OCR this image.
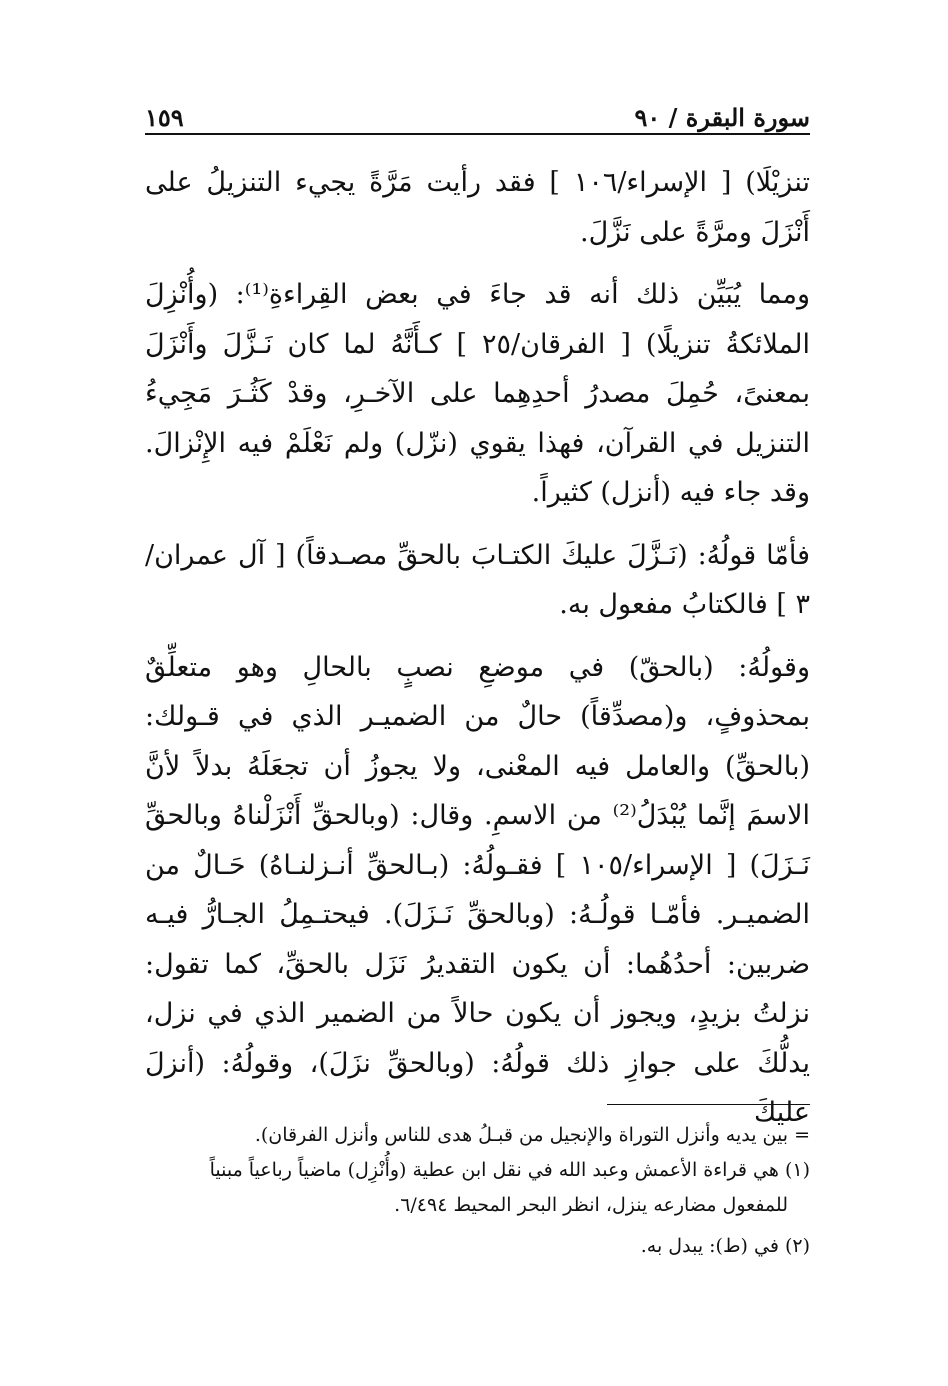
سورة البقرة / ٩٠
١٥٩

تنزيْلَا) [ الإسراء/١٠٦ ] فقد رأيت مَرَّةً يجيء التنزيلُ على أَنْزَلَ ومرَّةً على نَزَّلَ.

ومما يُبَيِّن ذلك أنه قد جاءَ في بعض القِراءةِ⁽¹⁾: (وأُنْزِلَ الملائكةُ تنزيلًا) [ الفرقان/٢٥ ] كـأَنَّهُ لما كان نَـزَّلَ وأَنْزَلَ بمعنىً، حُمِلَ مصدرُ أحدِهِما على الآخـرِ، وقدْ كَثُـرَ مَجِيءُ التنزيل في القرآن، فهذا يقوي (نزّل) ولم نَعْلَمْ فيه الإِنْزالَ. وقد جاء فيه (أنزل) كثيراً.

فأمّا قولُهُ: (نَـزَّلَ عليكَ الكتـابَ بالحقِّ مصـدقاً) [ آل عمران/٣ ] فالكتابُ مفعول به.

وقولُهُ: (بالحقّ) في موضعِ نصبٍ بالحالِ وهو متعلِّقٌ بمحذوفٍ، و(مصدِّقاً) حالٌ من الضميـر الذي في قـولك: (بالحقِّ) والعامل فيه المعْنى، ولا يجوزُ أن تجعَلَهُ بدلاً لأنَّ الاسمَ إنَّما يُبْدَلُ⁽²⁾ من الاسمِ. وقال: (وبالحقِّ أَنْزَلْناهُ وبالحقِّ نَـزَلَ) [ الإسراء/١٠٥ ] فقـولُهُ: (بـالحقِّ أنـزلنـاهُ) حَـالٌ من الضميـر. فأمّـا قولُـهُ: (وبالحقِّ نَـزَلَ). فيحتـمِلُ الجـارُّ فيـه ضربين: أحدُهُما: أن يكون التقديرُ نَزَل بالحقِّ، كما تقول: نزلتُ بزيدٍ، ويجوز أن يكون حالاً من الضمير الذي في نزل، يدلُّكَ على جوازِ ذلك قولُهُ: (وبالحقِّ نزَلَ)، وقولُهُ: (أنزلَ عليكَ

= بين يديه وأنزل التوراة والإنجيل من قبـلُ هدى للناس وأنزل الفرقان).

(١) هي قراءة الأعمش وعبد الله في نقل ابن عطية (وأُنْزِل) ماضياً رباعياً مبنياً

للمفعول مضارعه ينزل، انظر البحر المحيط ٦/٤٩٤.

(٢) في (ط): يبدل به.
